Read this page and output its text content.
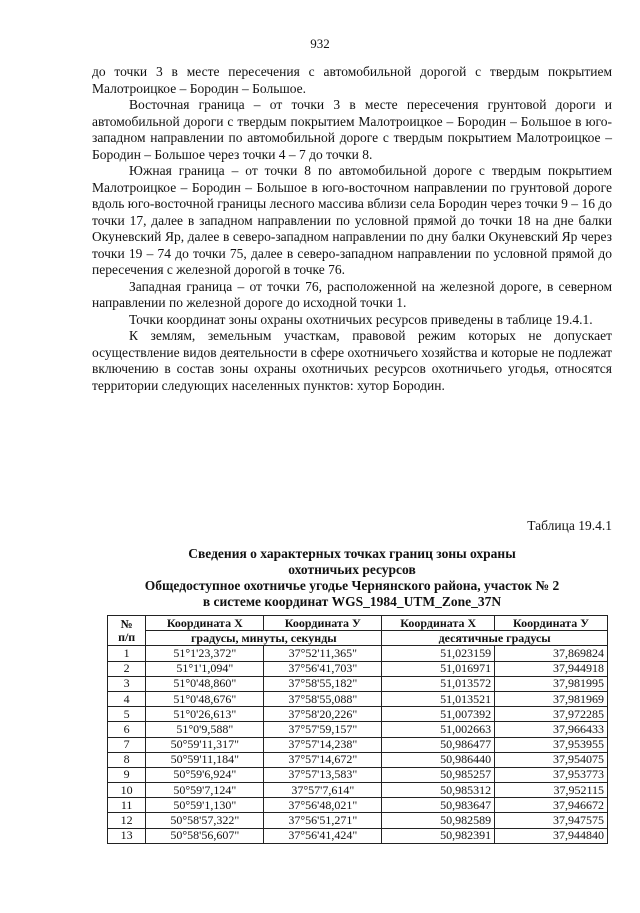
932

до точки 3 в месте пересечения с автомобильной дорогой с твердым покрытием Малотроицкое – Бородин – Большое.

Восточная граница – от точки 3 в месте пересечения грунтовой дороги и автомобильной дороги с твердым покрытием Малотроицкое – Бородин – Большое в юго-западном направлении по автомобильной дороге с твердым покрытием Малотроицкое – Бородин – Большое через точки 4 – 7 до точки 8.

Южная граница – от точки 8 по автомобильной дороге с твердым покрытием Малотроицкое – Бородин – Большое в юго-восточном направлении по грунтовой дороге вдоль юго-восточной границы лесного массива вблизи села Бородин через точки 9 – 16 до точки 17, далее в западном направлении по условной прямой до точки 18 на дне балки Окуневский Яр, далее в северо-западном направлении по дну балки Окуневский Яр через точки 19 – 74 до точки 75, далее в северо-западном направлении по условной прямой до пересечения с железной дорогой в точке 76.

Западная граница – от точки 76, расположенной на железной дороге, в северном направлении по железной дороге до исходной точки 1.

Точки координат зоны охраны охотничьих ресурсов приведены в таблице 19.4.1.

К землям, земельным участкам, правовой режим которых не допускает осуществление видов деятельности в сфере охотничьего хозяйства и которые не подлежат включению в состав зоны охраны охотничьих ресурсов охотничьего угодья, относятся территории следующих населенных пунктов: хутор Бородин.

Таблица 19.4.1
Сведения о характерных точках границ зоны охраны
охотничьих ресурсов
Общедоступное охотничье угодье Чернянского района, участок № 2
в системе координат WGS_1984_UTM_Zone_37N
№
п/п	Координата X	Координата У	Координата X	Координата У
	градусы, минуты, секунды		десятичные градусы	
1	51°1'23,372"	37°52'11,365"	51,023159	37,869824
2	51°1'1,094"	37°56'41,703"	51,016971	37,944918
3	51°0'48,860"	37°58'55,182"	51,013572	37,981995
4	51°0'48,676"	37°58'55,088"	51,013521	37,981969
5	51°0'26,613"	37°58'20,226"	51,007392	37,972285
6	51°0'9,588"	37°57'59,157"	51,002663	37,966433
7	50°59'11,317"	37°57'14,238"	50,986477	37,953955
8	50°59'11,184"	37°57'14,672"	50,986440	37,954075
9	50°59'6,924"	37°57'13,583"	50,985257	37,953773
10	50°59'7,124"	37°57'7,614"	50,985312	37,952115
11	50°59'1,130"	37°56'48,021"	50,983647	37,946672
12	50°58'57,322"	37°56'51,271"	50,982589	37,947575
13	50°58'56,607"	37°56'41,424"	50,982391	37,944840
